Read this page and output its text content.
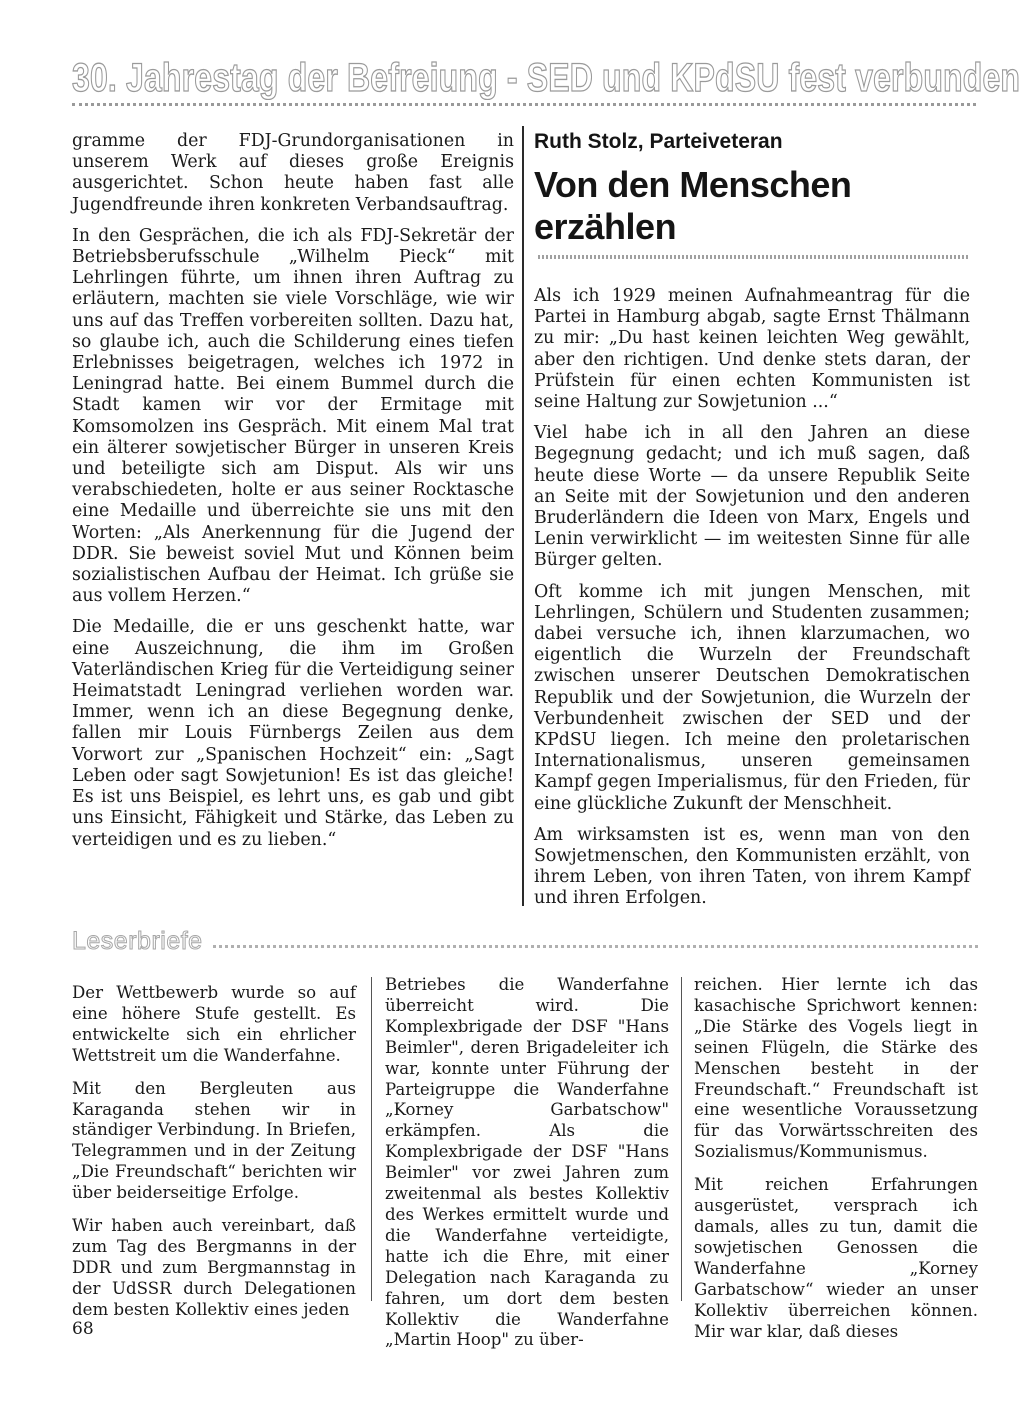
30. Jahrestag der Befreiung - SED und KPdSU fest verbunden

gramme der FDJ-Grundorganisationen in unserem Werk auf dieses große Ereignis ausgerichtet. Schon heute haben fast alle Jugendfreunde ihren konkreten Verbandsauftrag.

In den Gesprächen, die ich als FDJ-Sekretär der Betriebsberufsschule „Wilhelm Pieck“ mit Lehrlingen führte, um ihnen ihren Auftrag zu erläutern, machten sie viele Vorschläge, wie wir uns auf das Treffen vorbereiten sollten. Dazu hat, so glaube ich, auch die Schilderung eines tiefen Erlebnisses beigetragen, welches ich 1972 in Leningrad hatte. Bei einem Bummel durch die Stadt kamen wir vor der Ermitage mit Komsomolzen ins Gespräch. Mit einem Mal trat ein älterer sowjetischer Bürger in unseren Kreis und beteiligte sich am Disput. Als wir uns verabschiedeten, holte er aus seiner Rocktasche eine Medaille und überreichte sie uns mit den Worten: „Als Anerkennung für die Jugend der DDR. Sie beweist soviel Mut und Können beim sozialistischen Aufbau der Heimat. Ich grüße sie aus vollem Herzen.“

Die Medaille, die er uns geschenkt hatte, war eine Auszeichnung, die ihm im Großen Vaterländischen Krieg für die Verteidigung seiner Heimatstadt Leningrad verliehen worden war. Immer, wenn ich an diese Begegnung denke, fallen mir Louis Fürnbergs Zeilen aus dem Vorwort zur „Spanischen Hochzeit“ ein: „Sagt Leben oder sagt Sowjetunion! Es ist das gleiche! Es ist uns Beispiel, es lehrt uns, es gab und gibt uns Einsicht, Fähigkeit und Stärke, das Leben zu verteidigen und es zu lieben.“

Ruth Stolz, Parteiveteran
Von den Menschen erzählen

Als ich 1929 meinen Aufnahmeantrag für die Partei in Hamburg abgab, sagte Ernst Thälmann zu mir: „Du hast keinen leichten Weg gewählt, aber den richtigen. Und denke stets daran, der Prüfstein für einen echten Kommunisten ist seine Haltung zur Sowjetunion ...“

Viel habe ich in all den Jahren an diese Begegnung gedacht; und ich muß sagen, daß heute diese Worte — da unsere Republik Seite an Seite mit der Sowjetunion und den anderen Bruderländern die Ideen von Marx, Engels und Lenin verwirklicht — im weitesten Sinne für alle Bürger gelten.

Oft komme ich mit jungen Menschen, mit Lehrlingen, Schülern und Studenten zusammen; dabei versuche ich, ihnen klarzumachen, wo eigentlich die Wurzeln der Freundschaft zwischen unserer Deutschen Demokratischen Republik und der Sowjetunion, die Wurzeln der Verbundenheit zwischen der SED und der KPdSU liegen. Ich meine den proletarischen Internationalismus, unseren gemeinsamen Kampf gegen Imperialismus, für den Frieden, für eine glückliche Zukunft der Menschheit.

Am wirksamsten ist es, wenn man von den Sowjetmenschen, den Kommunisten erzählt, von ihrem Leben, von ihren Taten, von ihrem Kampf und ihren Erfolgen.

Leserbriefe

Der Wettbewerb wurde so auf eine höhere Stufe gestellt. Es entwickelte sich ein ehrlicher Wettstreit um die Wanderfahne.

Mit den Bergleuten aus Karaganda stehen wir in ständiger Verbindung. In Briefen, Telegrammen und in der Zeitung „Die Freundschaft“ berichten wir über beiderseitige Erfolge.

Wir haben auch vereinbart, daß zum Tag des Bergmanns in der DDR und zum Bergmannstag in der UdSSR durch Delegationen dem besten Kollektiv eines jeden

Betriebes die Wanderfahne überreicht wird. Die Komplexbrigade der DSF "Hans Beimler", deren Brigadeleiter ich war, konnte unter Führung der Parteigruppe die Wanderfahne „Korney Garbatschow" erkämpfen. Als die Komplexbrigade der DSF "Hans Beimler" vor zwei Jahren zum zweitenmal als bestes Kollektiv des Werkes ermittelt wurde und die Wanderfahne verteidigte, hatte ich die Ehre, mit einer Delegation nach Karaganda zu fahren, um dort dem besten Kollektiv die Wanderfahne „Martin Hoop" zu über-

reichen. Hier lernte ich das kasachische Sprichwort kennen: „Die Stärke des Vogels liegt in seinen Flügeln, die Stärke des Menschen besteht in der Freundschaft.“ Freundschaft ist eine wesentliche Voraussetzung für das Vorwärtsschreiten des Sozialismus/Kommunismus.

Mit reichen Erfahrungen ausgerüstet, versprach ich damals, alles zu tun, damit die sowjetischen Genossen die Wanderfahne „Korney Garbatschow“ wieder an unser Kollektiv überreichen können. Mir war klar, daß dieses

68
